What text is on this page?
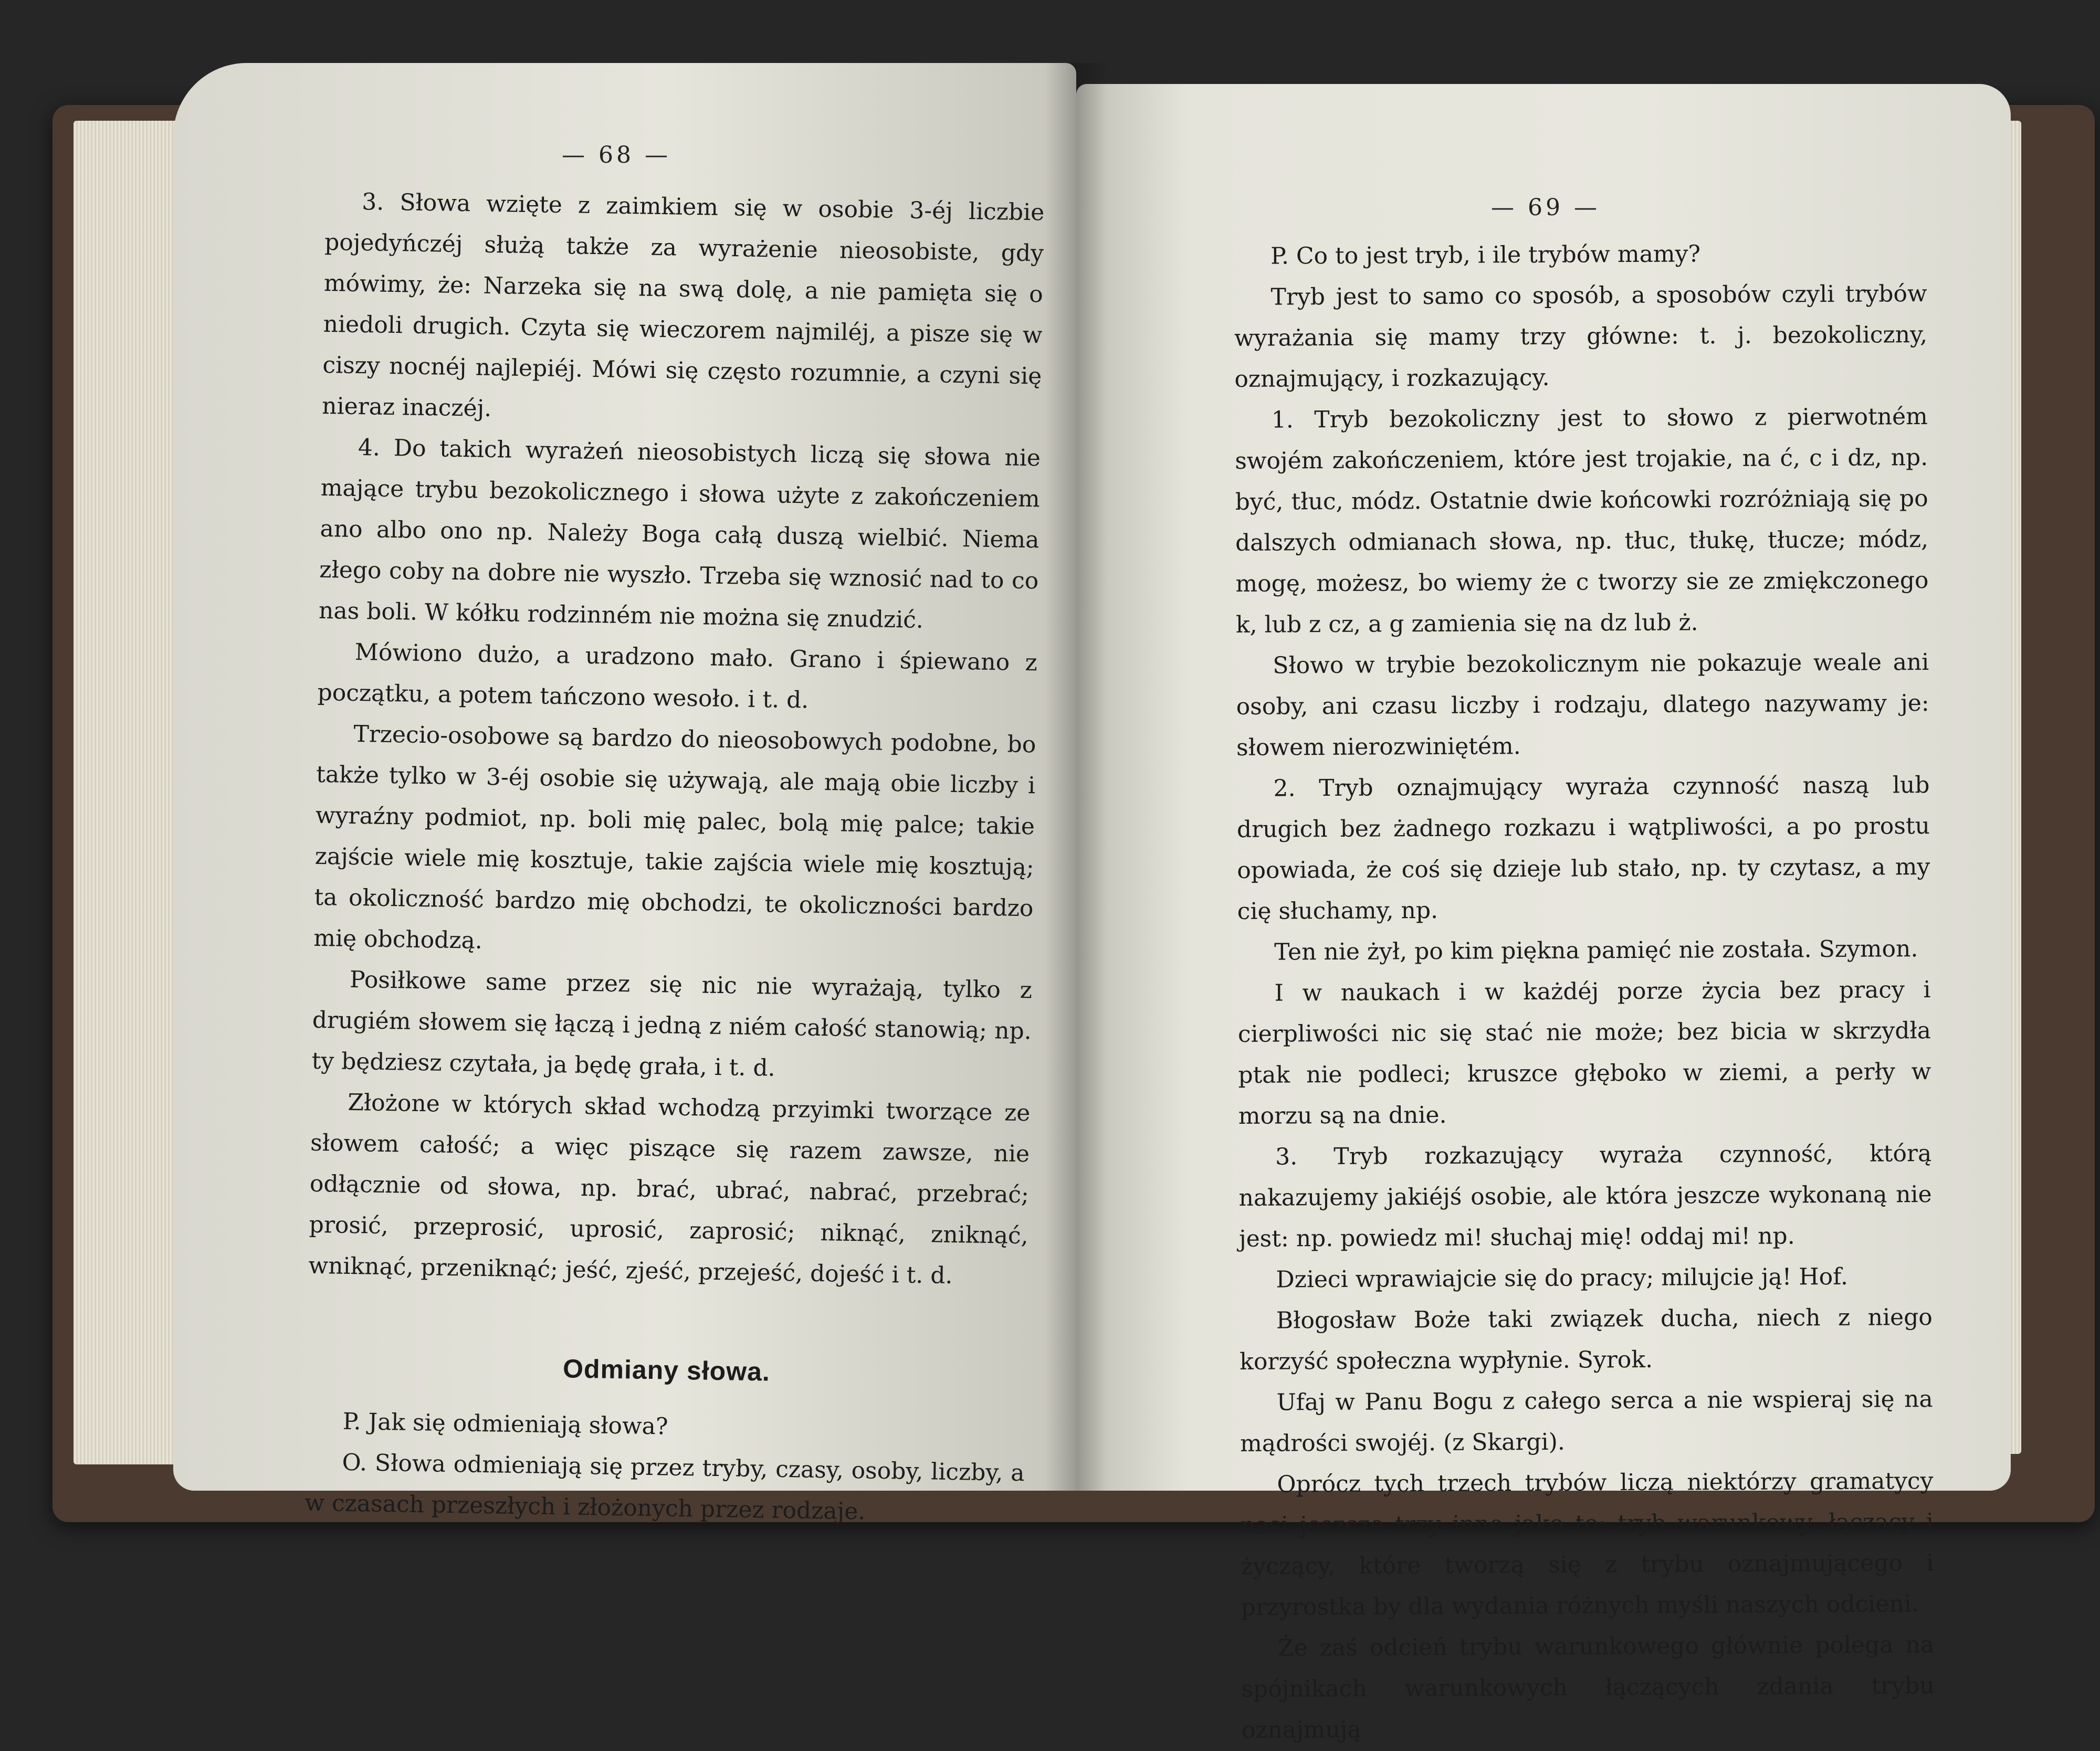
— 68 —

3. Słowa wzięte z zaimkiem się w osobie 3-éj liczbie pojedyńczéj służą także za wyrażenie nieosobiste, gdy mówimy, że: Narzeka się na swą dolę, a nie pamięta się o niedoli drugich. Czyta się wieczorem najmiléj, a pisze się w ciszy nocnéj najlepiéj. Mówi się często rozumnie, a czyni się nieraz inaczéj.

4. Do takich wyrażeń nieosobistych liczą się słowa nie mające trybu bezokolicznego i słowa użyte z zakończeniem ano albo ono np. Należy Boga całą duszą wielbić. Niema złego coby na dobre nie wyszło. Trzeba się wznosić nad to co nas boli. W kółku rodzinném nie można się znudzić.

Mówiono dużo, a uradzono mało. Grano i śpiewano z początku, a potem tańczono wesoło. i t. d.

Trzecio-osobowe są bardzo do nieosobowych podobne, bo także tylko w 3-éj osobie się używają, ale mają obie liczby i wyraźny podmiot, np. boli mię palec, bolą mię palce; takie zajście wiele mię kosztuje, takie zajścia wiele mię kosztują; ta okoliczność bardzo mię obchodzi, te okoliczności bardzo mię obchodzą.

Posiłkowe same przez się nic nie wyrażają, tylko z drugiém słowem się łączą i jedną z niém całość stanowią; np. ty będziesz czytała, ja będę grała, i t. d.

Złożone w których skład wchodzą przyimki tworzące ze słowem całość; a więc piszące się razem zawsze, nie odłącznie od słowa, np. brać, ubrać, nabrać, przebrać; prosić, przeprosić, uprosić, zaprosić; niknąć, zniknąć, wniknąć, przeniknąć; jeść, zjeść, przejeść, dojeść i t. d.

Odmiany słowa.

P. Jak się odmieniają słowa?

O. Słowa odmieniają się przez tryby, czasy, osoby, liczby, a w czasach przeszłych i złożonych przez rodzaje.

— 69 —

P. Co to jest tryb, i ile trybów mamy?

Tryb jest to samo co sposób, a sposobów czyli trybów wyrażania się mamy trzy główne: t. j. bezokoliczny, oznajmujący, i rozkazujący.

1. Tryb bezokoliczny jest to słowo z pierwotném swojém zakończeniem, które jest trojakie, na ć, c i dz, np. być, tłuc, mόdz. Ostatnie dwie końcowki rozróżniają się po dalszych odmianach słowa, np. tłuc, tłukę, tłucze; mόdz, mogę, możesz, bo wiemy że c tworzy sie ze zmiękczonego k, lub z cz, a g zamienia się na dz lub ż.

Słowo w trybie bezokolicznym nie pokazuje weale ani osoby, ani czasu liczby i rodzaju, dlatego nazywamy je: słowem nierozwiniętém.

2. Tryb oznajmujący wyraża czynność naszą lub drugich bez żadnego rozkazu i wątpliwości, a po prostu opowiada, że coś się dzieje lub stało, np. ty czytasz, a my cię słuchamy, np.

Ten nie żył, po kim piękna pamięć nie została. Szymon.

I w naukach i w każdéj porze życia bez pracy i cierpliwości nic się stać nie może; bez bicia w skrzydła ptak nie podleci; kruszce głęboko w ziemi, a perły w morzu są na dnie.

3. Tryb rozkazujący wyraża czynność, którą nakazujemy jakiéjś osobie, ale która jeszcze wykonaną nie jest: np. powiedz mi! słuchaj mię! oddaj mi! np.

Dzieci wprawiajcie się do pracy; milujcie ją! Hof.

Błogosław Boże taki związek ducha, niech z niego korzyść społeczna wypłynie. Syrok.

Ufaj w Panu Bogu z całego serca a nie wspieraj się na mądrości swojéj. (z Skargi).

Oprócz tych trzech trybów liczą niektórzy gramatycy nasi jeszcze trzy inne jako to: tryb warunkowy, łączący i życzący, które tworzą się z trybu oznajmującego i przyrostka by dla wydania różnych myśli naszych odcieni.

Że zaś odcień trybu warunkowego głównie polega na spójnikach warunkowych łączących zdania trybu oznajmują
